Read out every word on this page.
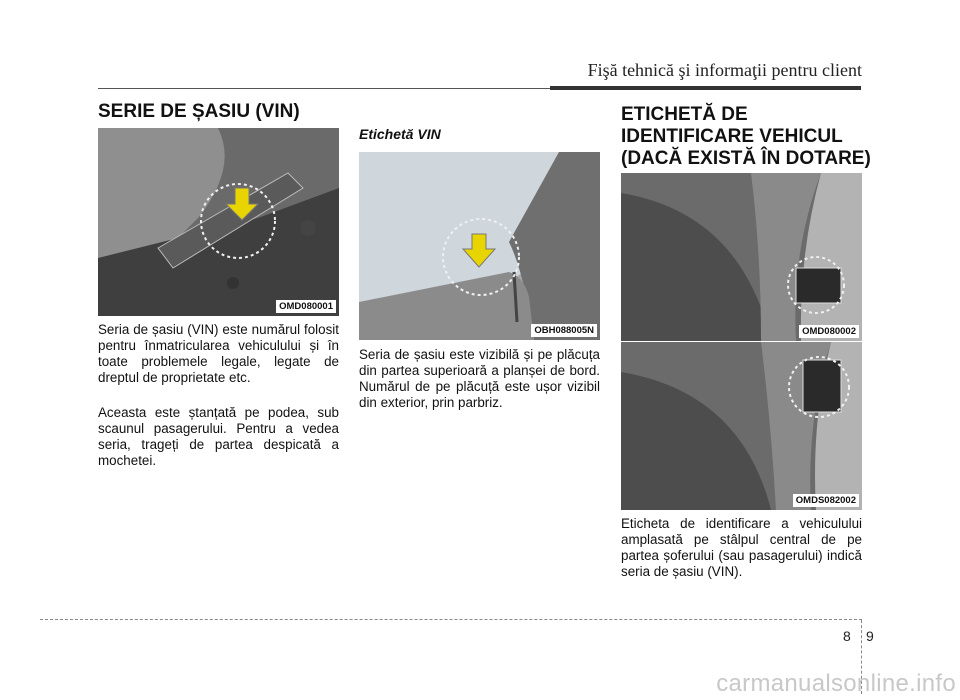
Fişă tehnică şi informaţii pentru client
SERIE DE ȘASIU (VIN)
OMD080001

Seria de șasiu (VIN) este numărul folosit pentru înmatricularea vehiculului și în toate problemele legale, legate de dreptul de proprietate etc.

Aceasta este ștanțată pe podea, sub scaunul pasagerului. Pentru a vedea seria, trageți de partea despicată a mochetei.

Etichetă VIN
OBH088005N

Seria de șasiu este vizibilă și pe plăcuța din partea superioară a planșei de bord. Numărul de pe plăcuță este ușor vizibil din exterior, prin parbriz.

ETICHETĂ DE
IDENTIFICARE VEHICUL
(DACĂ EXISTĂ ÎN DOTARE)
OMD080002
OMDS082002

Eticheta de identificare a vehiculului amplasată pe stâlpul central de pe partea șoferului (sau pasagerului) indică seria de șasiu (VIN).

8 9
carmanualsonline.info
